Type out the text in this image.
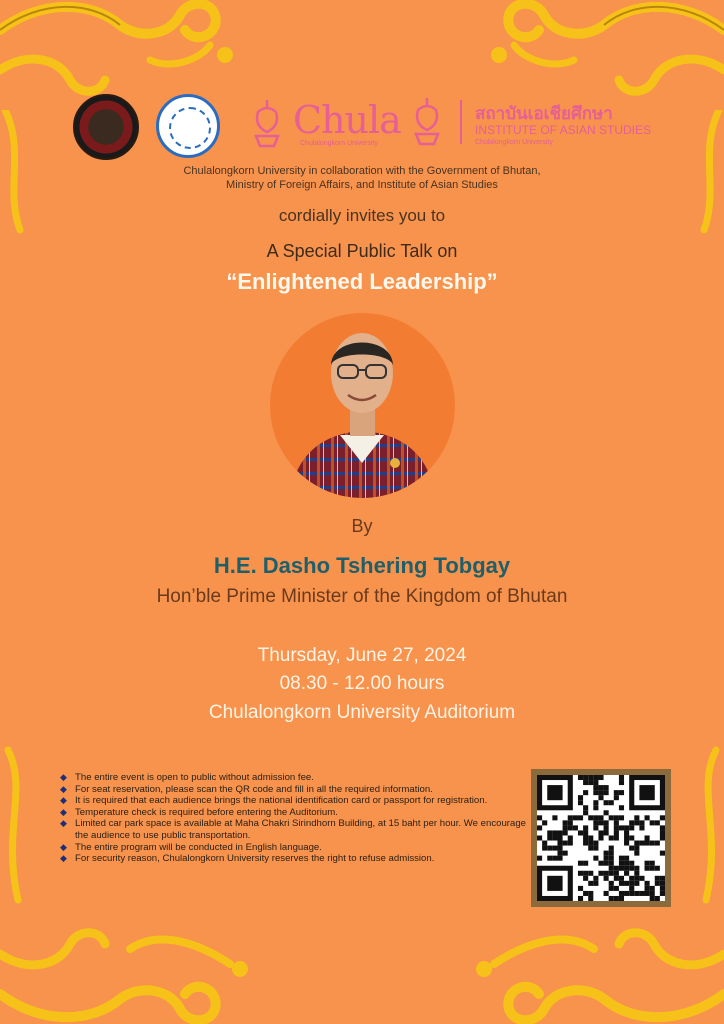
Chula
Chulalongkorn University
สถาบันเอเชียศึกษา
INSTITUTE OF ASIAN STUDIES
Chulalongkorn University
Chulalongkorn University in collaboration with the Government of Bhutan,
Ministry of Foreign Affairs, and Institute of Asian Studies
cordially invites you to
A Special Public Talk on
“Enlightened Leadership”
By
H.E. Dasho Tshering Tobgay
Hon’ble Prime Minister of the Kingdom of Bhutan
Thursday, June 27, 2024
08.30 - 12.00 hours
Chulalongkorn University Auditorium
◆ The entire event is open to public without admission fee.
◆ For seat reservation, please scan the QR code and fill in all the required information.
◆ It is required that each audience brings the national identification card or passport for registration.
◆ Temperature check is required before entering the Auditorium.
◆ Limited car park space is available at Maha Chakri Sirindhorn Building, at 15 baht per hour. We encourage the audience to use public transportation.
◆ The entire program will be conducted in English language.
◆ For security reason, Chulalongkorn University reserves the right to refuse admission.
